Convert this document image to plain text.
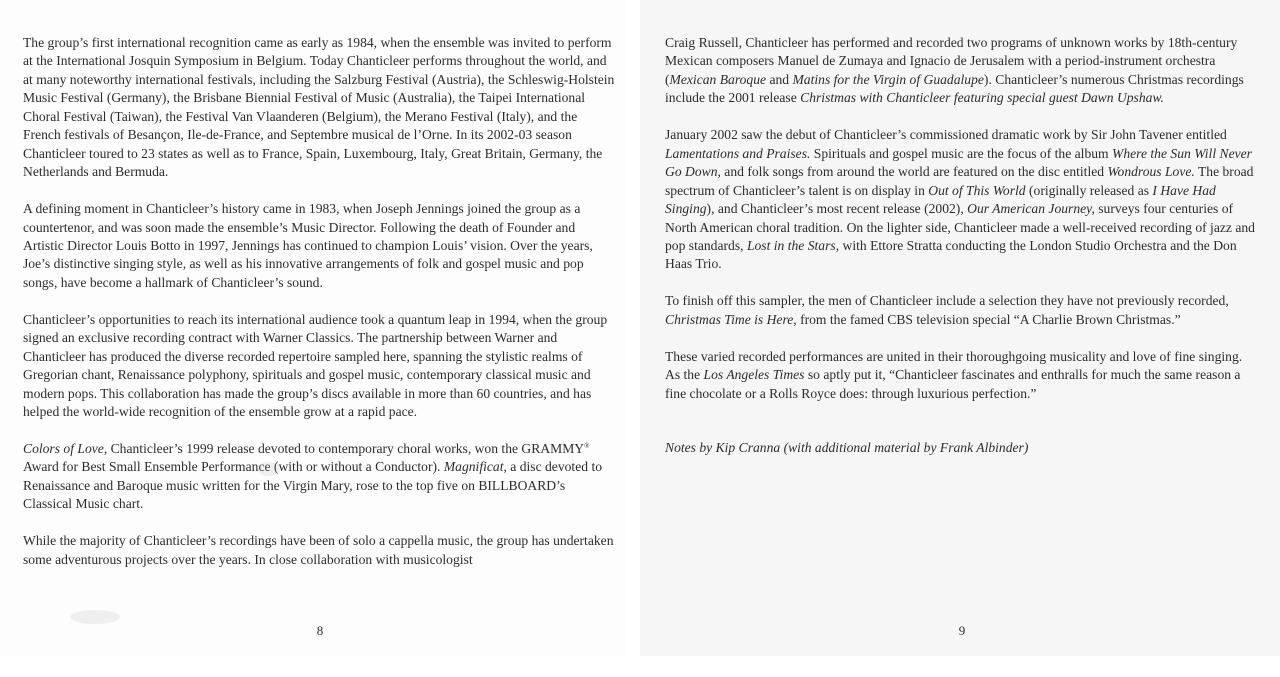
The group’s first international recognition came as early as 1984, when the ensemble was invited to perform at the International Josquin Symposium in Belgium. Today Chanticleer performs throughout the world, and at many noteworthy international festivals, including the Salzburg Festival (Austria), the Schleswig-Holstein Music Festival (Germany), the Brisbane Biennial Festival of Music (Australia), the Taipei International Choral Festival (Taiwan), the Festival Van Vlaanderen (Belgium), the Merano Festival (Italy), and the French festivals of Besançon, Ile-de-France, and Septembre musical de l’Orne. In its 2002-03 season Chanticleer toured to 23 states as well as to France, Spain, Luxembourg, Italy, Great Britain, Germany, the Netherlands and Bermuda.

A defining moment in Chanticleer’s history came in 1983, when Joseph Jennings joined the group as a countertenor, and was soon made the ensemble’s Music Director. Following the death of Founder and Artistic Director Louis Botto in 1997, Jennings has continued to champion Louis’ vision. Over the years, Joe’s distinctive singing style, as well as his innovative arrangements of folk and gospel music and pop songs, have become a hallmark of Chanticleer’s sound.

Chanticleer’s opportunities to reach its international audience took a quantum leap in 1994, when the group signed an exclusive recording contract with Warner Classics. The partnership between Warner and Chanticleer has produced the diverse recorded repertoire sampled here, spanning the stylistic realms of Gregorian chant, Renaissance polyphony, spirituals and gospel music, contemporary classical music and modern pops. This collaboration has made the group’s discs available in more than 60 countries, and has helped the world-wide recognition of the ensemble grow at a rapid pace.

Colors of Love, Chanticleer’s 1999 release devoted to contemporary choral works, won the GRAMMY® Award for Best Small Ensemble Performance (with or without a Conductor). Magnificat, a disc devoted to Renaissance and Baroque music written for the Virgin Mary, rose to the top five on BILLBOARD’s Classical Music chart.

While the majority of Chanticleer’s recordings have been of solo a cappella music, the group has undertaken some adventurous projects over the years. In close collaboration with musicologist

8

Craig Russell, Chanticleer has performed and recorded two programs of unknown works by 18th-century Mexican composers Manuel de Zumaya and Ignacio de Jerusalem with a period-instrument orchestra (Mexican Baroque and Matins for the Virgin of Guadalupe). Chanticleer’s numerous Christmas recordings include the 2001 release Christmas with Chanticleer featuring special guest Dawn Upshaw.

January 2002 saw the debut of Chanticleer’s commissioned dramatic work by Sir John Tavener entitled Lamentations and Praises. Spirituals and gospel music are the focus of the album Where the Sun Will Never Go Down, and folk songs from around the world are featured on the disc entitled Wondrous Love. The broad spectrum of Chanticleer’s talent is on display in Out of This World (originally released as I Have Had Singing), and Chanticleer’s most recent release (2002), Our American Journey, surveys four centuries of North American choral tradition. On the lighter side, Chanticleer made a well-received recording of jazz and pop standards, Lost in the Stars, with Ettore Stratta conducting the London Studio Orchestra and the Don Haas Trio.

To finish off this sampler, the men of Chanticleer include a selection they have not previously recorded, Christmas Time is Here, from the famed CBS television special “A Charlie Brown Christmas.”

These varied recorded performances are united in their thoroughgoing musicality and love of fine singing. As the Los Angeles Times so aptly put it, “Chanticleer fascinates and enthralls for much the same reason a fine chocolate or a Rolls Royce does: through luxurious perfection.”

Notes by Kip Cranna (with additional material by Frank Albinder)
9
